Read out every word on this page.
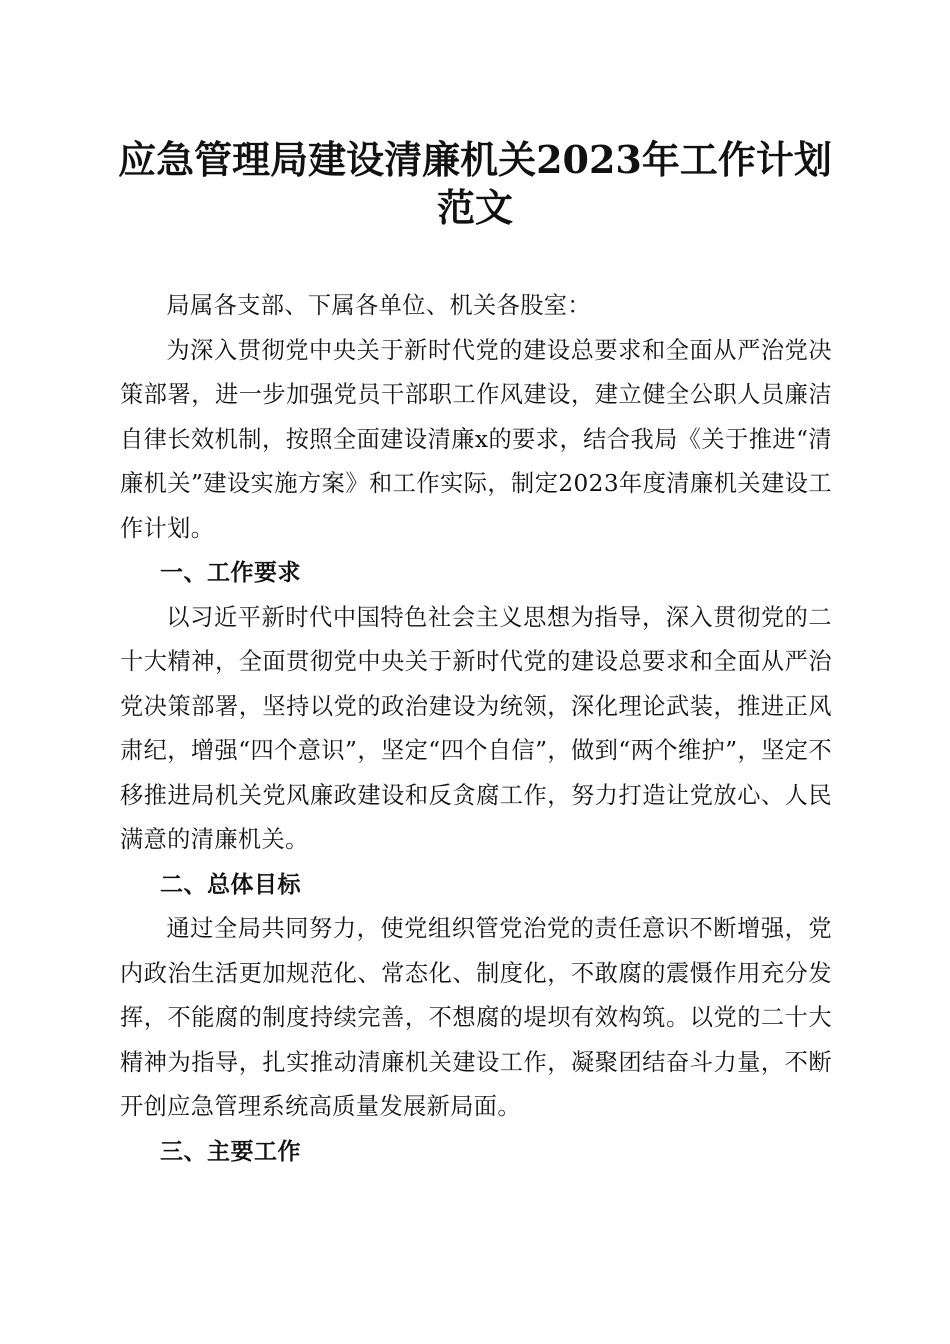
应急管理局建设清廉机关2023年工作计划范文

局属各支部、下属各单位、机关各股室：

为深入贯彻党中央关于新时代党的建设总要求和全面从严治党决策部署，进一步加强党员干部职工作风建设，建立健全公职人员廉洁自律长效机制，按照全面建设清廉x的要求，结合我局《关于推进“清廉机关”建设实施方案》和工作实际，制定2023年度清廉机关建设工作计划。

一、工作要求

以习近平新时代中国特色社会主义思想为指导，深入贯彻党的二十大精神，全面贯彻党中央关于新时代党的建设总要求和全面从严治党决策部署，坚持以党的政治建设为统领，深化理论武装，推进正风肃纪，增强“四个意识”，坚定“四个自信”，做到“两个维护”，坚定不移推进局机关党风廉政建设和反贪腐工作，努力打造让党放心、人民满意的清廉机关。

二、总体目标

通过全局共同努力，使党组织管党治党的责任意识不断增强，党内政治生活更加规范化、常态化、制度化，不敢腐的震慑作用充分发挥，不能腐的制度持续完善，不想腐的堤坝有效构筑。以党的二十大精神为指导，扎实推动清廉机关建设工作，凝聚团结奋斗力量，不断开创应急管理系统高质量发展新局面。

三、主要工作
